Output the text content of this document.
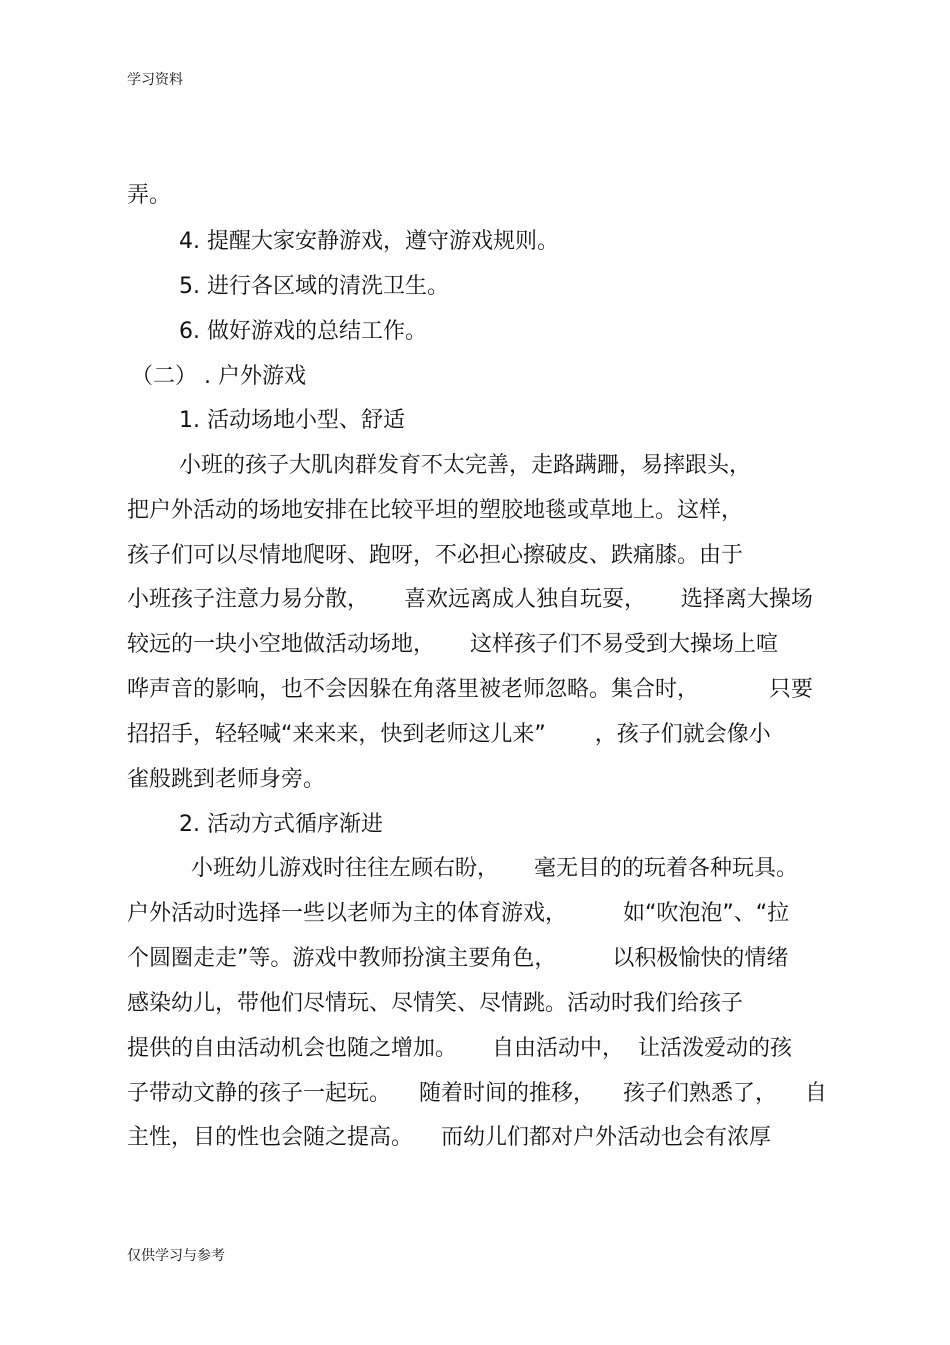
学习资料
弄。
4. 提醒大家安静游戏，遵守游戏规则。
5. 进行各区域的清洗卫生。
6. 做好游戏的总结工作。
（二） . 户外游戏
1. 活动场地小型、舒适
小班的孩子大肌肉群发育不太完善，走路蹒跚，易摔跟头，
把户外活动的场地安排在比较平坦的塑胶地毯或草地上。这样，
孩子们可以尽情地爬呀、跑呀，不必担心擦破皮、跌痛膝。由于
小班孩子注意力易分散，     喜欢远离成人独自玩耍，     选择离大操场
较远的一块小空地做活动场地，     这样孩子们不易受到大操场上喧
哗声音的影响，也不会因躲在角落里被老师忽略。集合时，          只要
招招手，轻轻喊“来来来，快到老师这儿来”       ，孩子们就会像小
雀般跳到老师身旁。
2. 活动方式循序渐进
小班幼儿游戏时往往左顾右盼，     毫无目的的玩着各种玩具。
户外活动时选择一些以老师为主的体育游戏，        如“吹泡泡”、“拉
个圆圈走走”等。游戏中教师扮演主要角色，        以积极愉快的情绪
感染幼儿，带他们尽情玩、尽情笑、尽情跳。活动时我们给孩子
提供的自由活动机会也随之增加。     自由活动中，  让活泼爱动的孩
子带动文静的孩子一起玩。    随着时间的推移，    孩子们熟悉了，    自
主性，目的性也会随之提高。    而幼儿们都对户外活动也会有浓厚
仅供学习与参考
